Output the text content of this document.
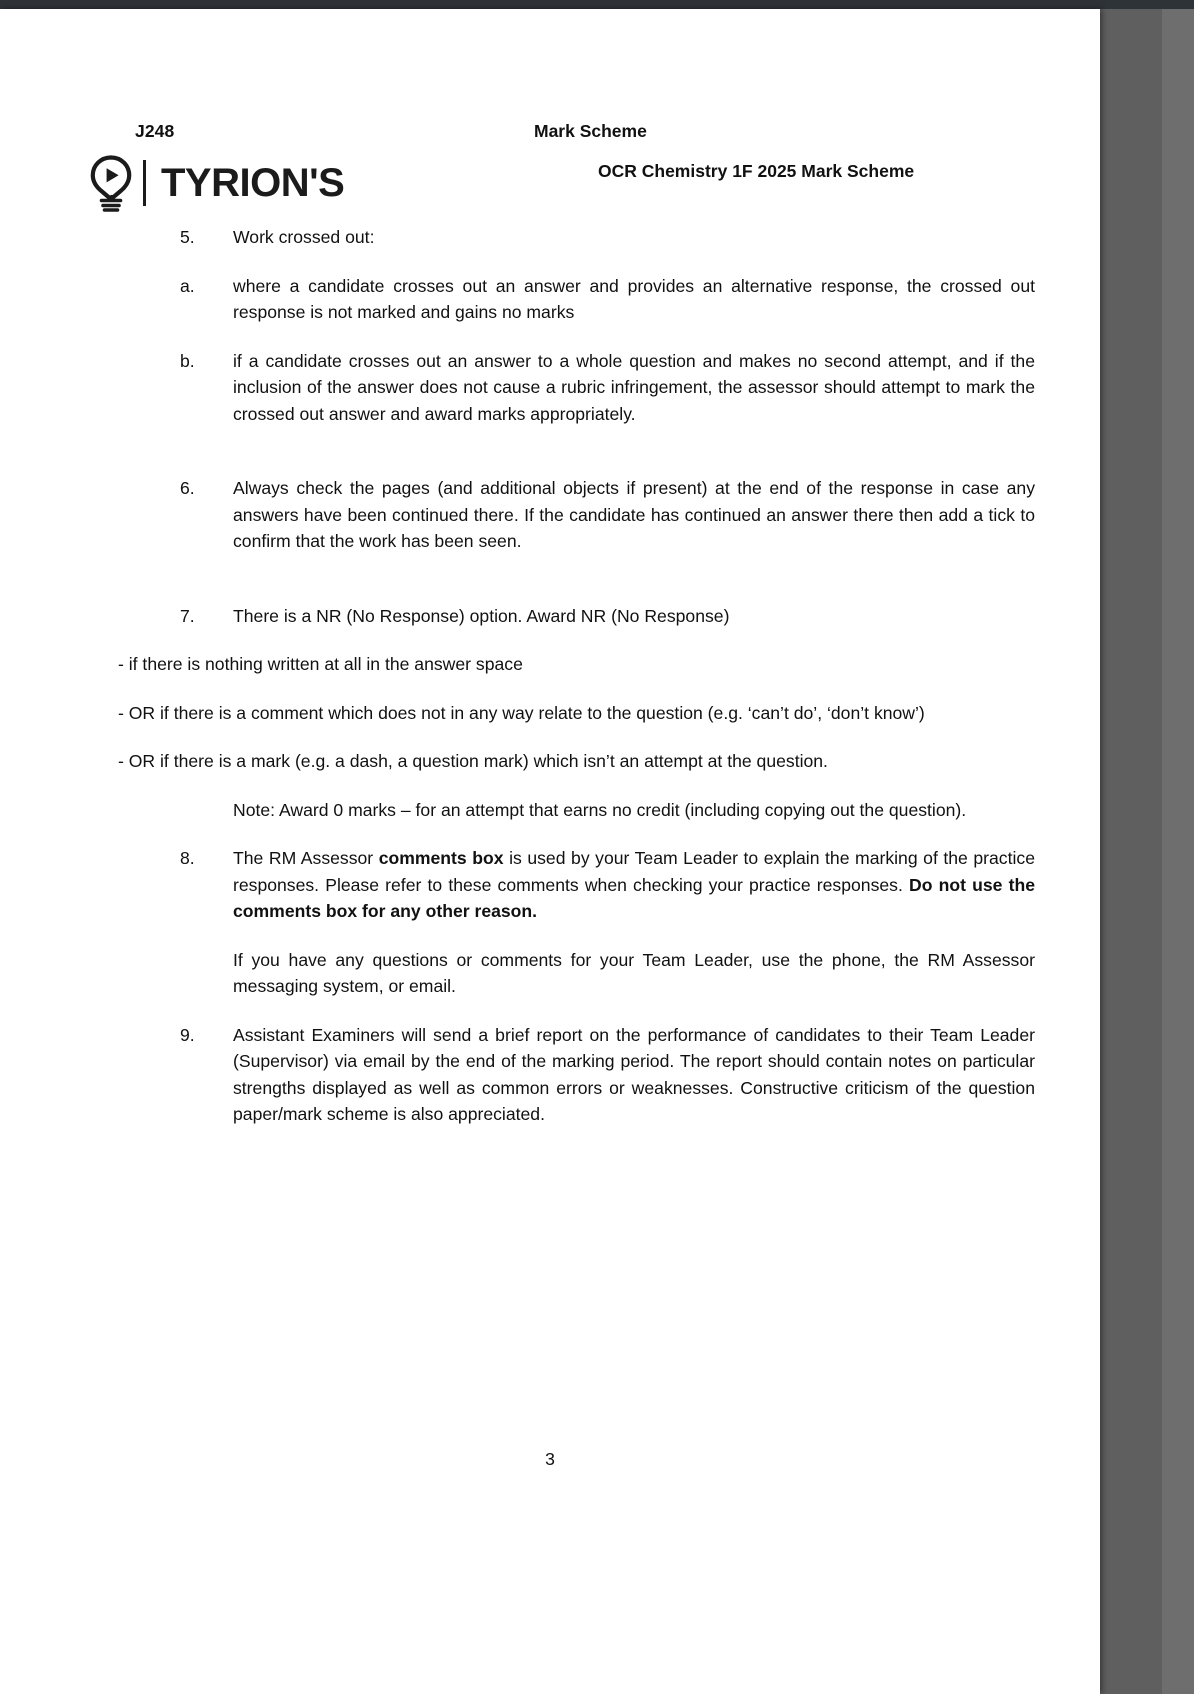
J248	Mark Scheme
OCR Chemistry 1F 2025 Mark Scheme
TYRION'S
5.	Work crossed out:
a.	where a candidate crosses out an answer and provides an alternative response, the crossed out response is not marked and gains no marks
b.	if a candidate crosses out an answer to a whole question and makes no second attempt, and if the inclusion of the answer does not cause a rubric infringement, the assessor should attempt to mark the crossed out answer and award marks appropriately.
6.	Always check the pages (and additional objects if present) at the end of the response in case any answers have been continued there. If the candidate has continued an answer there then add a tick to confirm that the work has been seen.
7.	There is a NR (No Response) option. Award NR (No Response)
- if there is nothing written at all in the answer space
- OR if there is a comment which does not in any way relate to the question (e.g. ‘can’t do’, ‘don’t know’)
- OR if there is a mark (e.g. a dash, a question mark) which isn’t an attempt at the question.
Note: Award 0 marks – for an attempt that earns no credit (including copying out the question).
8.	The RM Assessor comments box is used by your Team Leader to explain the marking of the practice responses. Please refer to these comments when checking your practice responses. Do not use the comments box for any other reason.
If you have any questions or comments for your Team Leader, use the phone, the RM Assessor messaging system, or email.
9.	Assistant Examiners will send a brief report on the performance of candidates to their Team Leader (Supervisor) via email by the end of the marking period. The report should contain notes on particular strengths displayed as well as common errors or weaknesses. Constructive criticism of the question paper/mark scheme is also appreciated.
3
